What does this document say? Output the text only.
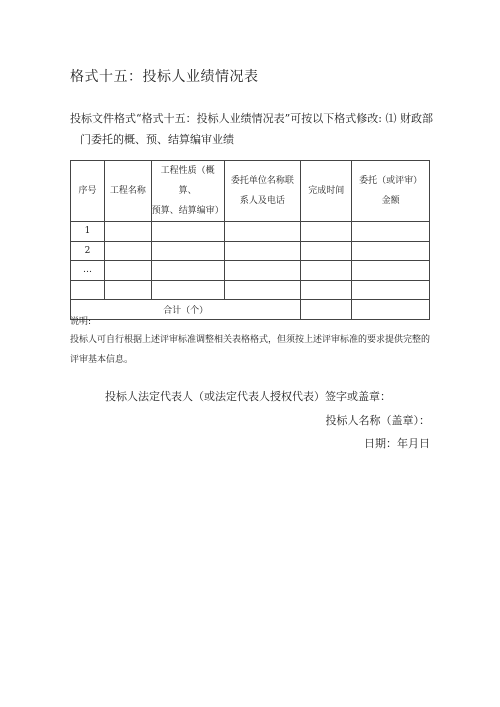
格式十五：投标人业绩情况表
投标文件格式“格式十五：投标人业绩情况表”可按以下格式修改: ⑴ 财政部
门委托的概、预、结算编审业绩
序号	工程名称	工程性质（概算、
预算、结算编审）	委托单位名称联
系人及电话	完成时间	委托（或评审）
金额
1					
2					
…					

合计（个）					
说明:
投标人可自行根据上述评审标准调整相关表格格式，但须按上述评审标准的要求提供完整的评审基本信息。
投标人法定代表人（或法定代表人授权代表）签字或盖章：
投标人名称（盖章）：
日期：年月日
